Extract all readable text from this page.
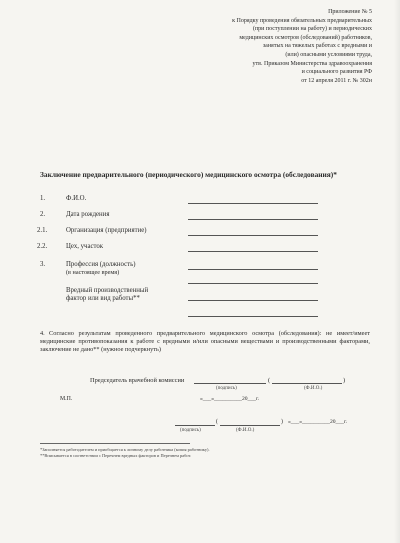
Приложение № 5
к Порядку проведения обязательных предварительных
(при поступлении на работу) и периодических
медицинских осмотров (обследований) работников,
занятых на тяжелых работах с вредными и
(или) опасными условиями труда,
утв. Приказом Министерства здравоохранения
и социального развития РФ
от 12 апреля 2011 г. № 302н
Заключение предварительного (периодического) медицинского осмотра (обследования)*
1.	Ф.И.О.
2.	Дата рождения
2.1.	Организация (предприятие)
2.2.	Цех, участок
3.	Профессия (должность)
(в настоящее время)
Вредный производственный
фактор или вид работы**
4. Согласно результатам проведенного предварительного медицинского осмотра (обследования): не имеет/имеет медицинские противопоказания к работе с вредными и/или опасными веществами и производственными факторами, заключение не дано** (нужное подчеркнуть)
Председатель врачебной комиссии	(	)
(подпись)	(Ф.И.О.)
М.П.	«___»__________20___г.
(	) «___»__________20___г.
(подпись)	(Ф.И.О.)
*Заполняется работодателем и приобщается к личному делу работника (копия работнику).
**Вписывается в соответствии с Перечнем вредных факторов и Перечнем работ.
